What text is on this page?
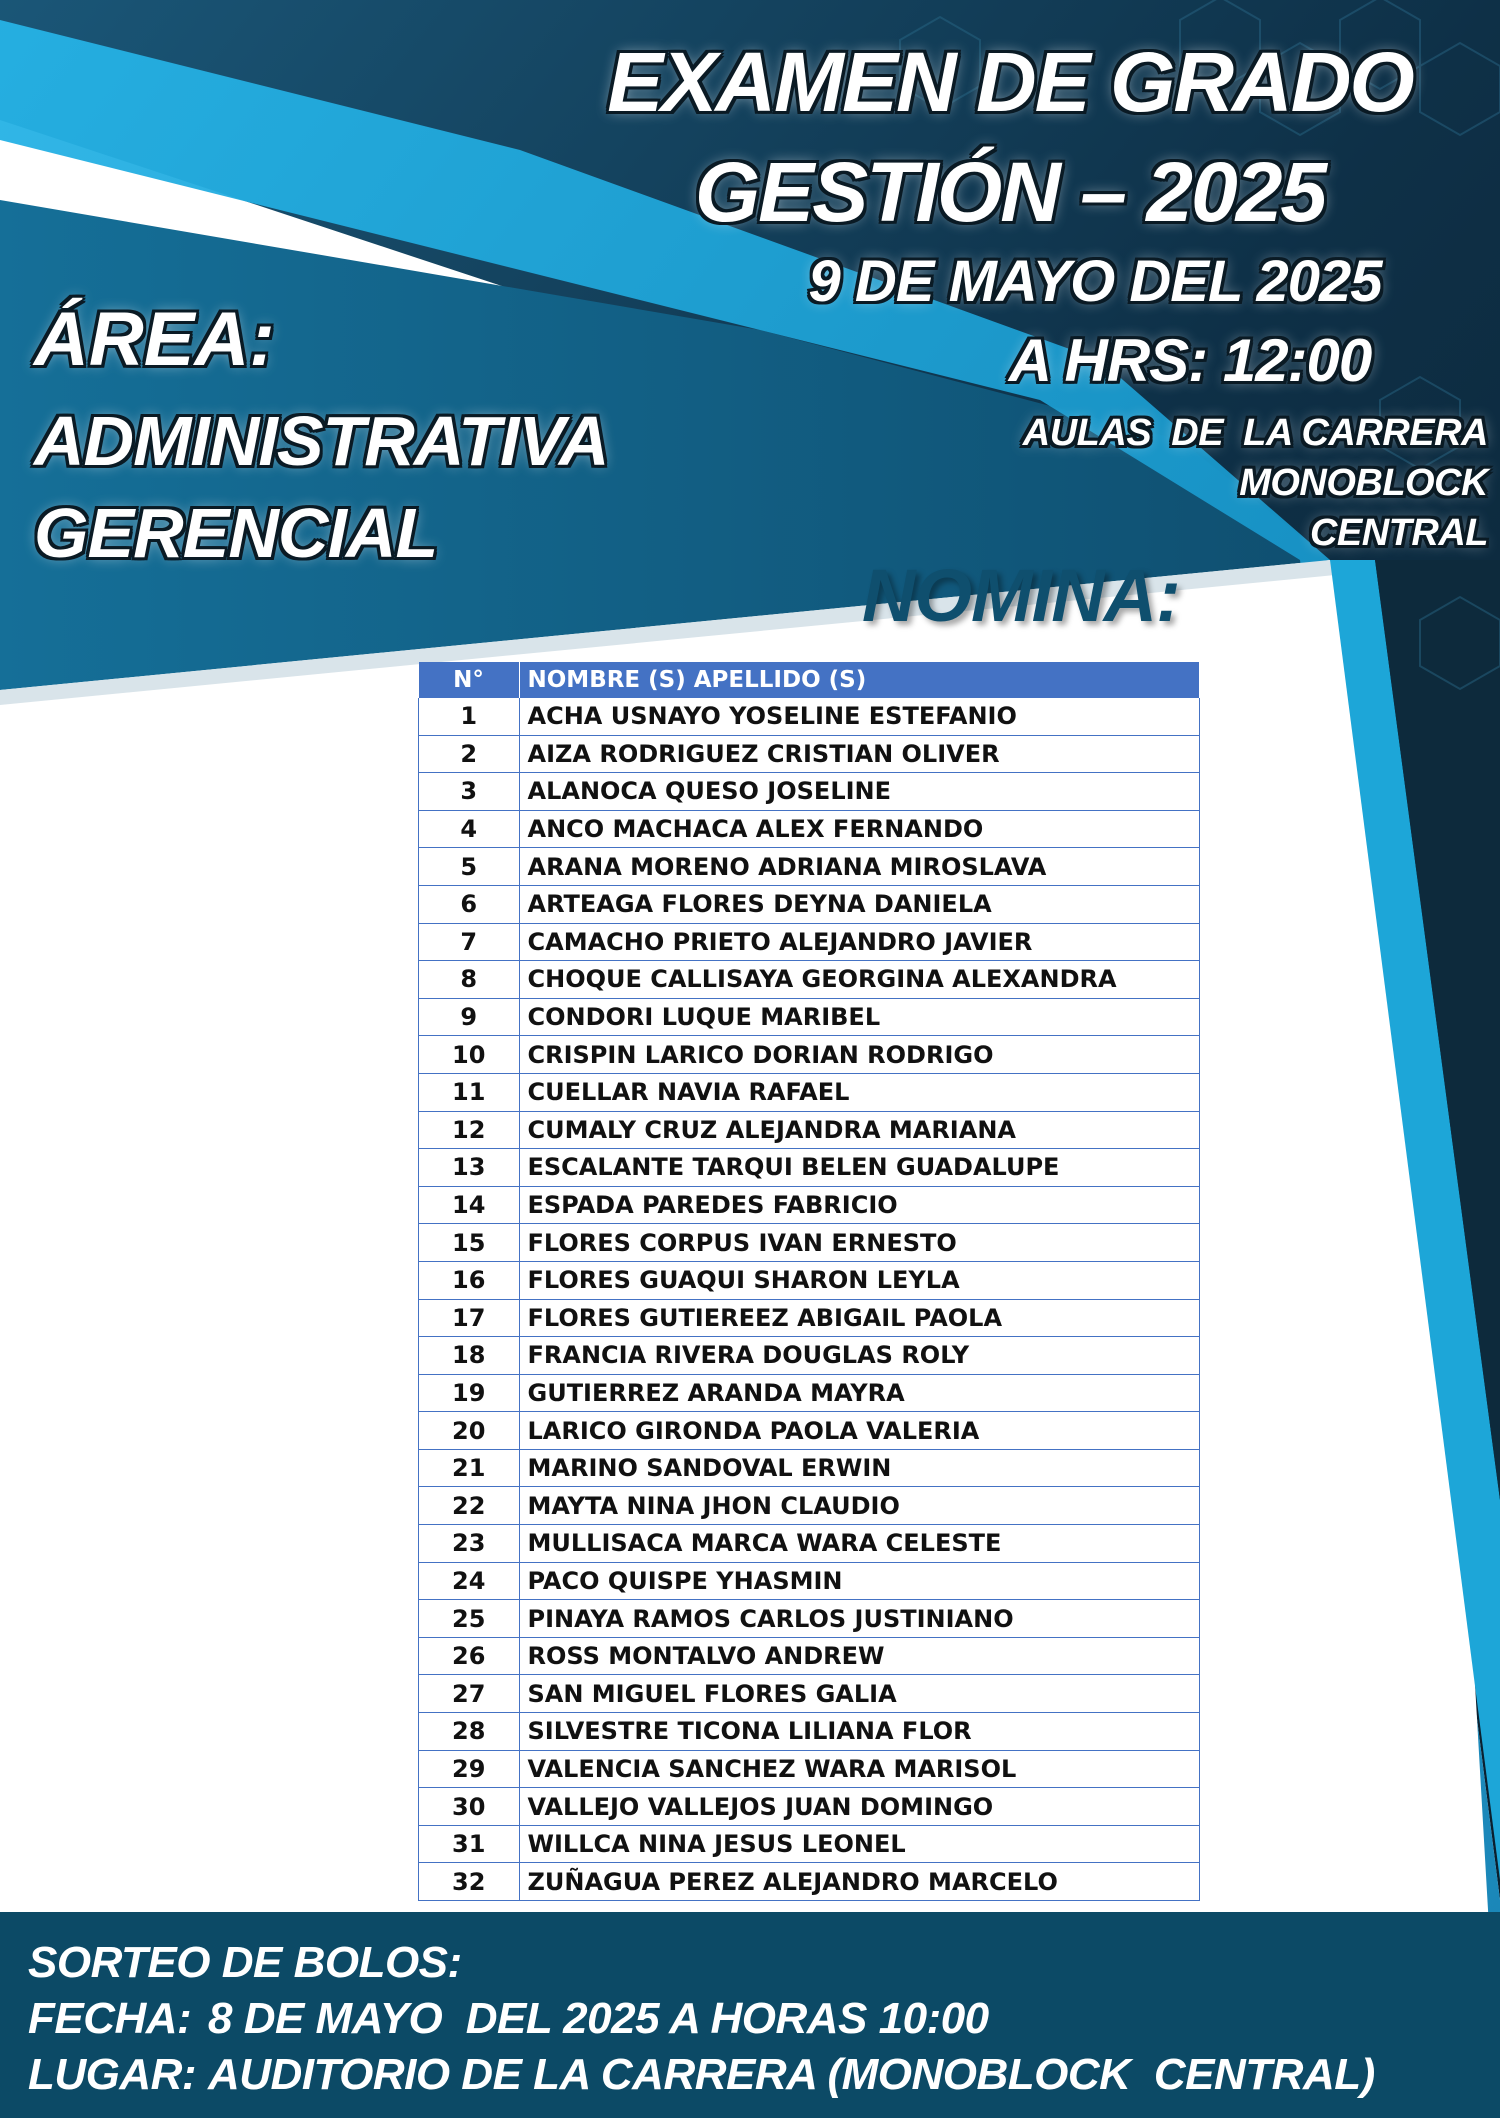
EXAMEN DE GRADO
GESTIÓN – 2025
9 DE MAYO DEL 2025
A HRS: 12:00
AULAS  DE  LA CARRERA
MONOBLOCK
CENTRAL
ÁREA:
ADMINISTRATIVA
GERENCIAL
NOMINA:
N°	NOMBRE (S) APELLIDO (S)
1	ACHA USNAYO YOSELINE ESTEFANIO
2	AIZA RODRIGUEZ CRISTIAN OLIVER
3	ALANOCA QUESO JOSELINE
4	ANCO MACHACA ALEX FERNANDO
5	ARANA MORENO ADRIANA MIROSLAVA
6	ARTEAGA FLORES DEYNA DANIELA
7	CAMACHO PRIETO ALEJANDRO JAVIER
8	CHOQUE CALLISAYA GEORGINA ALEXANDRA
9	CONDORI LUQUE MARIBEL
10	CRISPIN LARICO DORIAN RODRIGO
11	CUELLAR NAVIA RAFAEL
12	CUMALY CRUZ ALEJANDRA MARIANA
13	ESCALANTE TARQUI BELEN GUADALUPE
14	ESPADA PAREDES FABRICIO
15	FLORES CORPUS IVAN ERNESTO
16	FLORES GUAQUI SHARON LEYLA
17	FLORES GUTIEREEZ ABIGAIL PAOLA
18	FRANCIA RIVERA DOUGLAS ROLY
19	GUTIERREZ ARANDA MAYRA
20	LARICO GIRONDA PAOLA VALERIA
21	MARINO SANDOVAL ERWIN
22	MAYTA NINA JHON CLAUDIO
23	MULLISACA MARCA WARA CELESTE
24	PACO QUISPE YHASMIN
25	PINAYA RAMOS CARLOS JUSTINIANO
26	ROSS MONTALVO ANDREW
27	SAN MIGUEL FLORES GALIA
28	SILVESTRE TICONA LILIANA FLOR
29	VALENCIA SANCHEZ WARA MARISOL
30	VALLEJO VALLEJOS JUAN DOMINGO
31	WILLCA NINA JESUS LEONEL
32	ZUÑAGUA PEREZ ALEJANDRO MARCELO
SORTEO DE BOLOS:
FECHA: 8 DE MAYO  DEL 2025 A HORAS 10:00
LUGAR: AUDITORIO DE LA CARRERA (MONOBLOCK  CENTRAL)
